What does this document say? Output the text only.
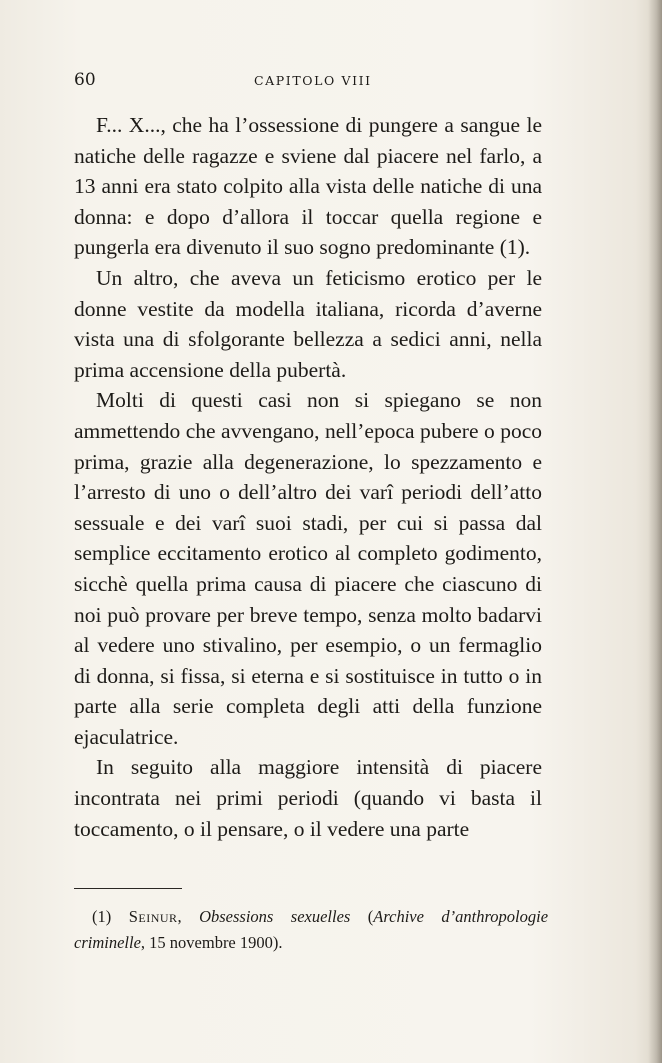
60	CAPITOLO VIII

F... X..., che ha l’ossessione di pungere a sangue le natiche delle ragazze e sviene dal piacere nel farlo, a 13 anni era stato colpito alla vista delle natiche di una donna: e dopo d’allora il toccar quella regione e pungerla era divenuto il suo sogno predominante (1).

Un altro, che aveva un feticismo erotico per le donne vestite da modella italiana, ricorda d’averne vista una di sfolgorante bellezza a sedici anni, nella prima accensione della pubertà.

Molti di questi casi non si spiegano se non ammettendo che avvengano, nell’epoca pubere o poco prima, grazie alla degenerazione, lo spezzamento e l’arresto di uno o dell’altro dei varî periodi dell’atto sessuale e dei varî suoi stadi, per cui si passa dal semplice eccitamento erotico al completo godimento, sicchè quella prima causa di piacere che ciascuno di noi può provare per breve tempo, senza molto badarvi al vedere uno stivalino, per esempio, o un fermaglio di donna, si fissa, si eterna e si sostituisce in tutto o in parte alla serie completa degli atti della funzione ejaculatrice.

In seguito alla maggiore intensità di piacere incontrata nei primi periodi (quando vi basta il toccamento, o il pensare, o il vedere una parte

(1) Seinur, Obsessions sexuelles (Archive d’anthropologie criminelle, 15 novembre 1900).
